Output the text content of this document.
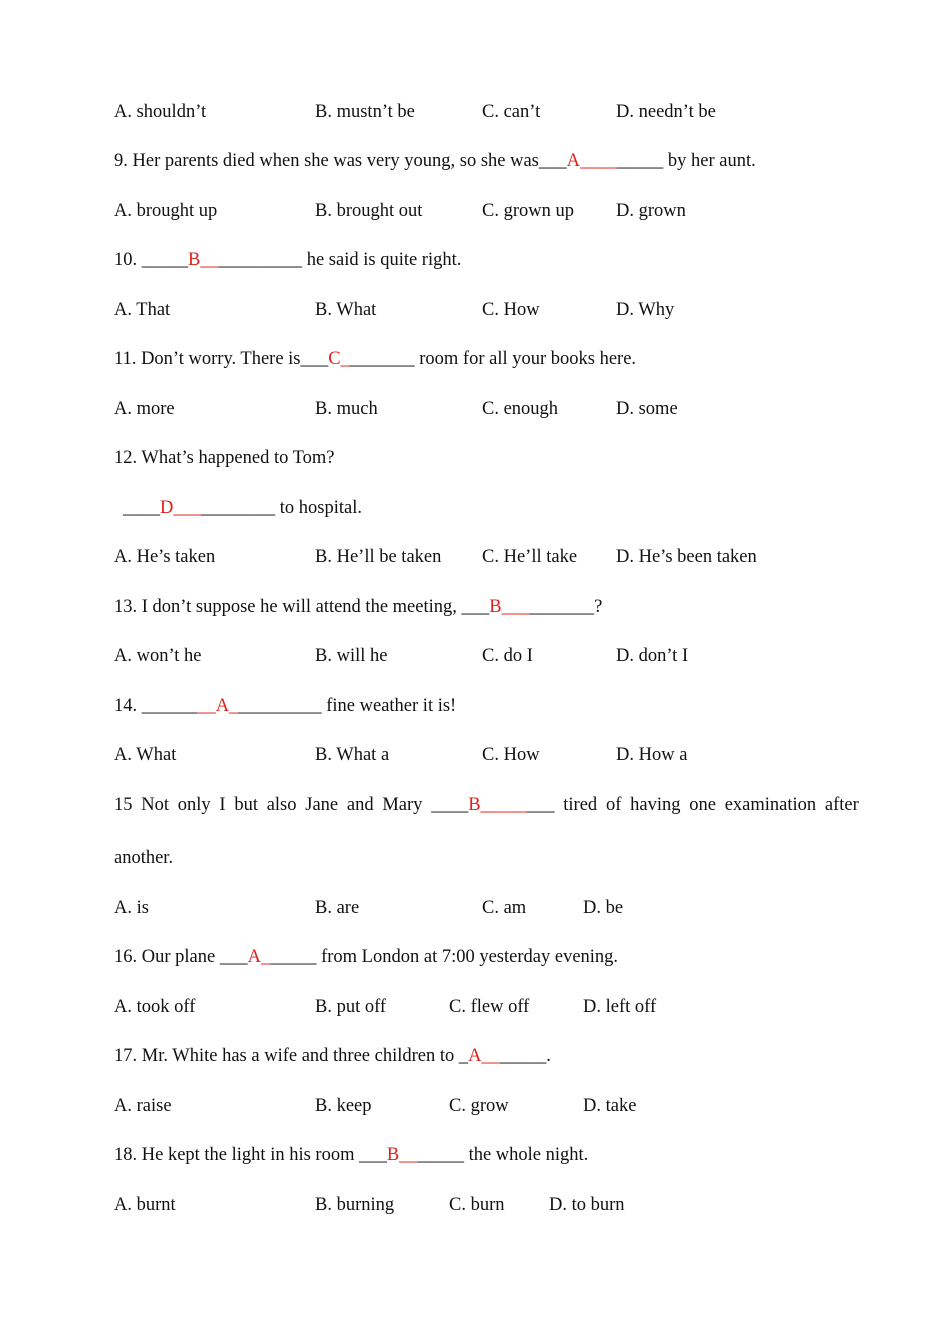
A. shouldn’t	B. mustn’t be	C. can’t	D. needn’t be
9. Her parents died when she was very young, so she was___A_________ by her aunt.
A. brought up	B. brought out	C. grown up D. grown
10. _____B___________ he said is quite right.
A. That	B. What	C. How	D. Why
11. Don’t worry. There is___C________ room for all your books here.
A. more	B. much	C. enough	D. some
12. What’s happened to Tom?
____D___________ to hospital.
A. He’s taken	B. He’ll be taken C. He’ll take D. He’s been taken
13. I don’t suppose he will attend the meeting, ___B__________?
A. won’t he	B. will he	C. do I	D. don’t I
14. ________A__________ fine weather it is!
A. What	B. What a	C. How	D. How a
15 Not only I but also Jane and Mary ____B________ tired of having one examination after
another.
A. is	B. are	C. am	D. be
16. Our plane ___A______ from London at 7:00 yesterday evening.
A. took off	B. put off	C. flew off	D. left off
17. Mr. White has a wife and three children to _A_______.
A. raise	B. keep	C. grow	D. take
18. He kept the light in his room ___B_______ the whole night.
A. burnt	B. burning	C. burn D. to burn
